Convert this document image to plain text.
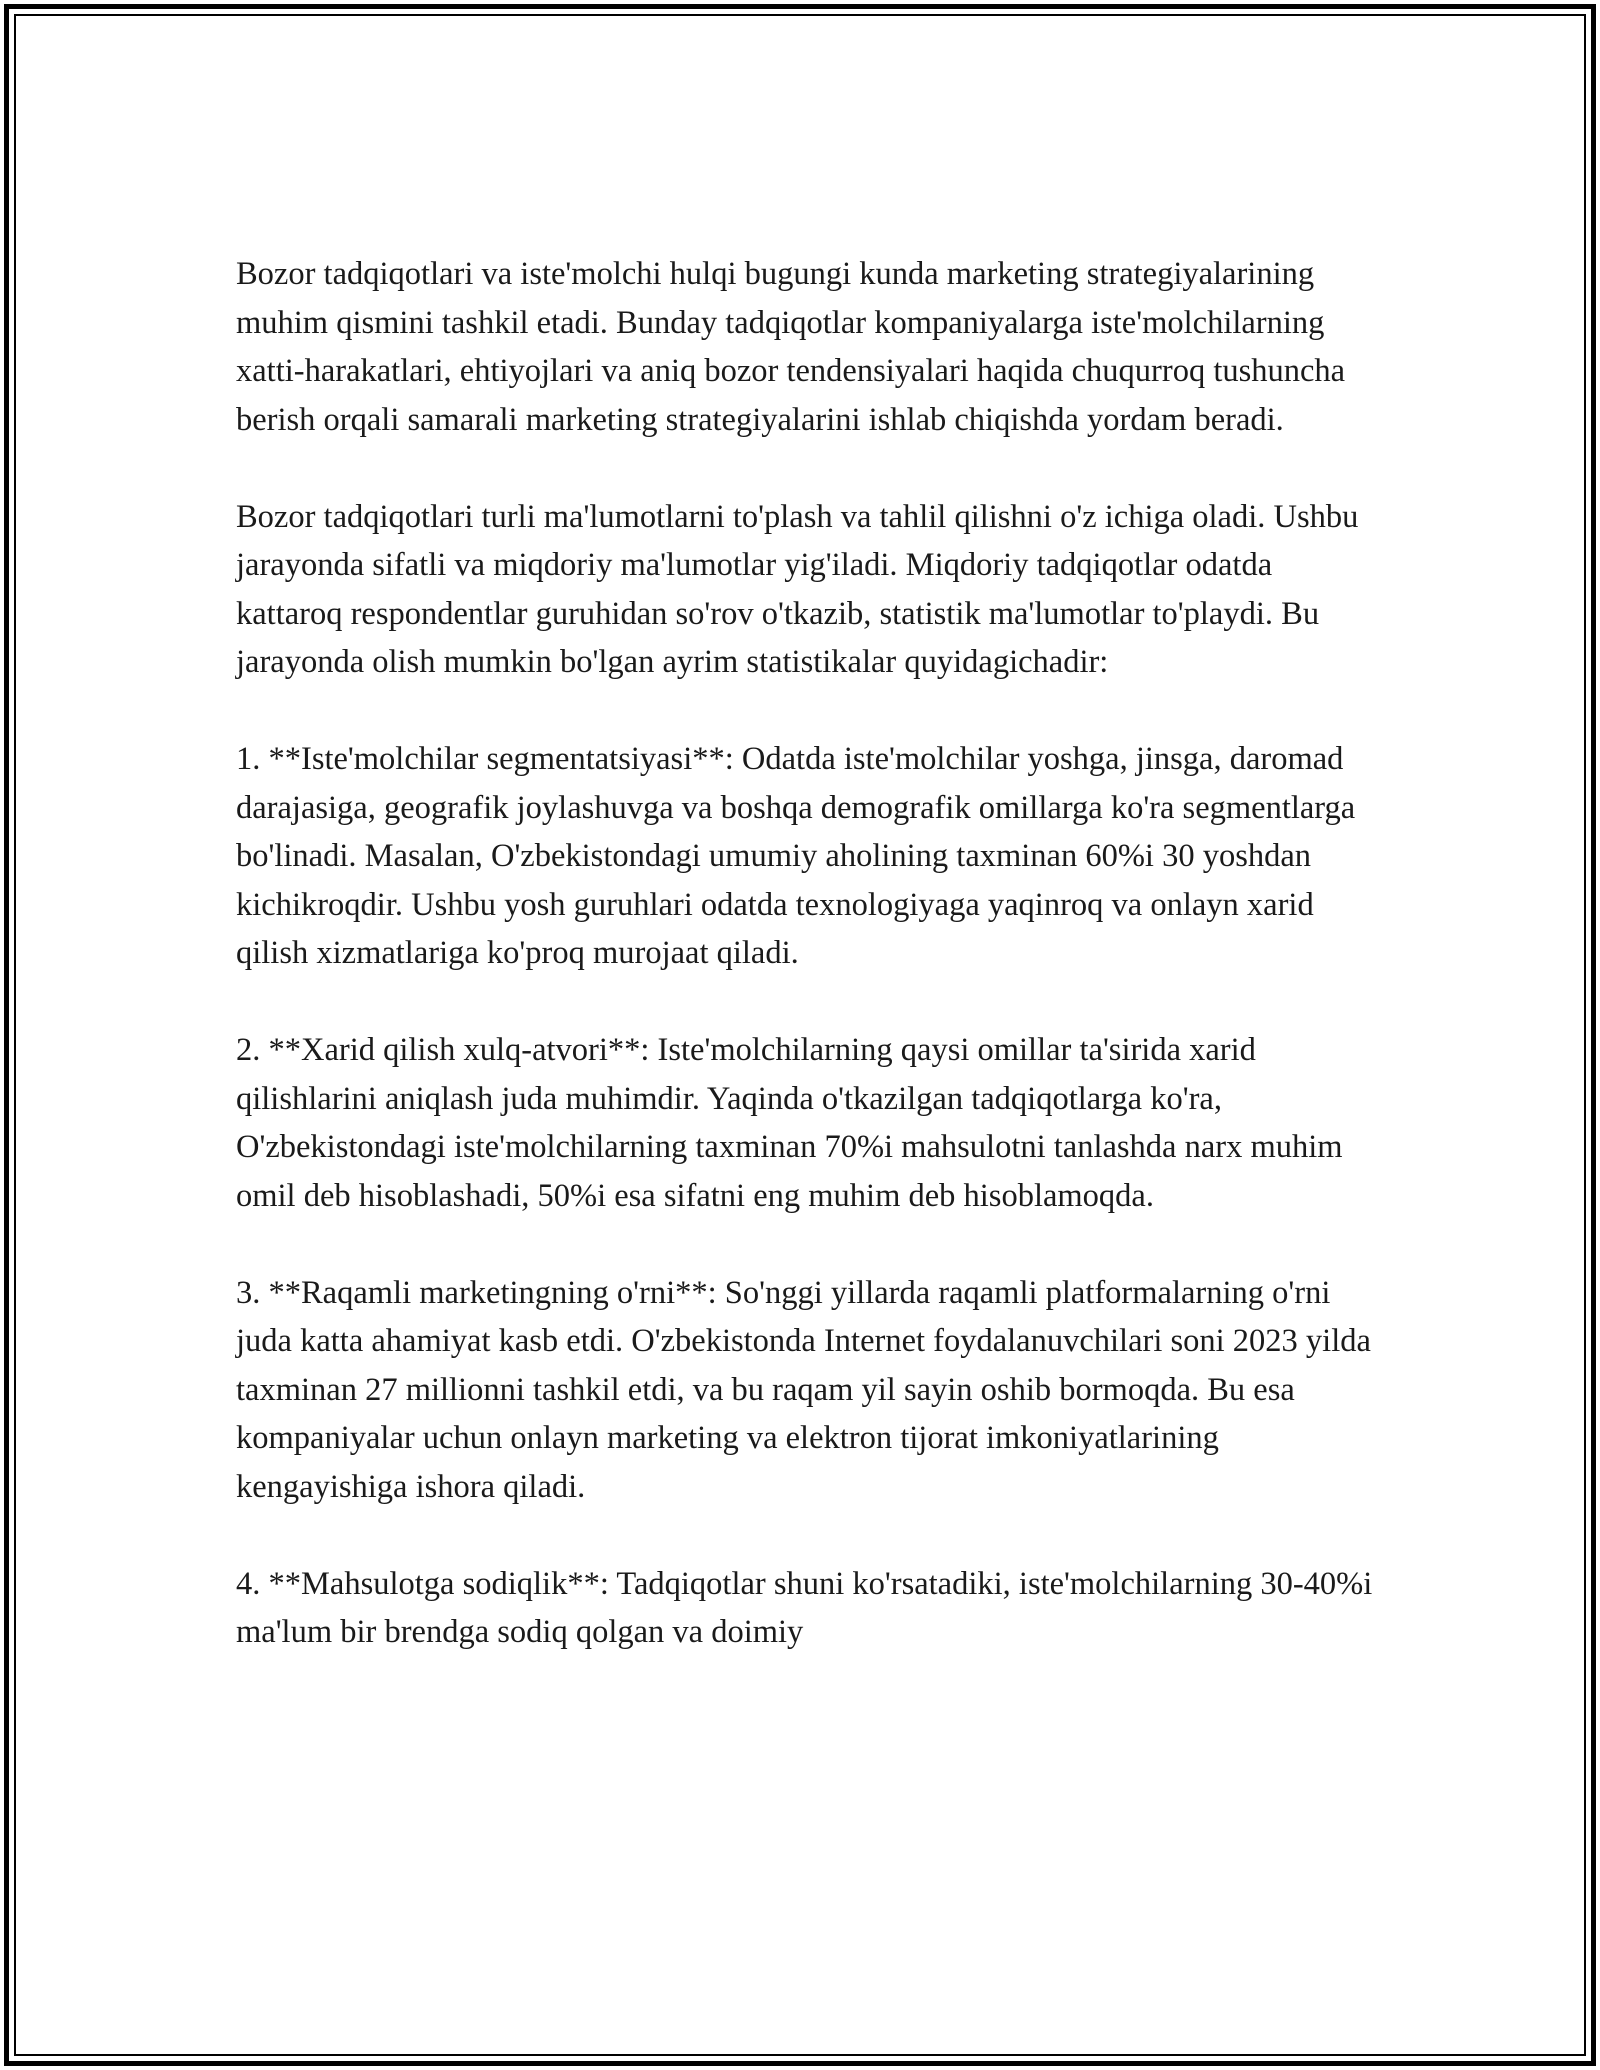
Bozor tadqiqotlari va iste'molchi hulqi bugungi kunda marketing strategiyalarining muhim qismini tashkil etadi. Bunday tadqiqotlar kompaniyalarga iste'molchilarning xatti-harakatlari, ehtiyojlari va aniq bozor tendensiyalari haqida chuqurroq tushuncha berish orqali samarali marketing strategiyalarini ishlab chiqishda yordam beradi.

Bozor tadqiqotlari turli ma'lumotlarni to'plash va tahlil qilishni o'z ichiga oladi. Ushbu jarayonda sifatli va miqdoriy ma'lumotlar yig'iladi. Miqdoriy tadqiqotlar odatda kattaroq respondentlar guruhidan so'rov o'tkazib, statistik ma'lumotlar to'playdi. Bu jarayonda olish mumkin bo'lgan ayrim statistikalar quyidagichadir:

1. **Iste'molchilar segmentatsiyasi**: Odatda iste'molchilar yoshga, jinsga, daromad darajasiga, geografik joylashuvga va boshqa demografik omillarga ko'ra segmentlarga bo'linadi. Masalan, O'zbekistondagi umumiy aholining taxminan 60%i 30 yoshdan kichikroqdir. Ushbu yosh guruhlari odatda texnologiyaga yaqinroq va onlayn xarid qilish xizmatlariga ko'proq murojaat qiladi.

2. **Xarid qilish xulq-atvori**: Iste'molchilarning qaysi omillar ta'sirida xarid qilishlarini aniqlash juda muhimdir. Yaqinda o'tkazilgan tadqiqotlarga ko'ra, O'zbekistondagi iste'molchilarning taxminan 70%i mahsulotni tanlashda narx muhim omil deb hisoblashadi, 50%i esa sifatni eng muhim deb hisoblamoqda.

3. **Raqamli marketingning o'rni**: So'nggi yillarda raqamli platformalarning o'rni juda katta ahamiyat kasb etdi. O'zbekistonda Internet foydalanuvchilari soni 2023 yilda taxminan 27 millionni tashkil etdi, va bu raqam yil sayin oshib bormoqda. Bu esa kompaniyalar uchun onlayn marketing va elektron tijorat imkoniyatlarining kengayishiga ishora qiladi.

4. **Mahsulotga sodiqlik**: Tadqiqotlar shuni ko'rsatadiki, iste'molchilarning 30-40%i ma'lum bir brendga sodiq qolgan va doimiy
